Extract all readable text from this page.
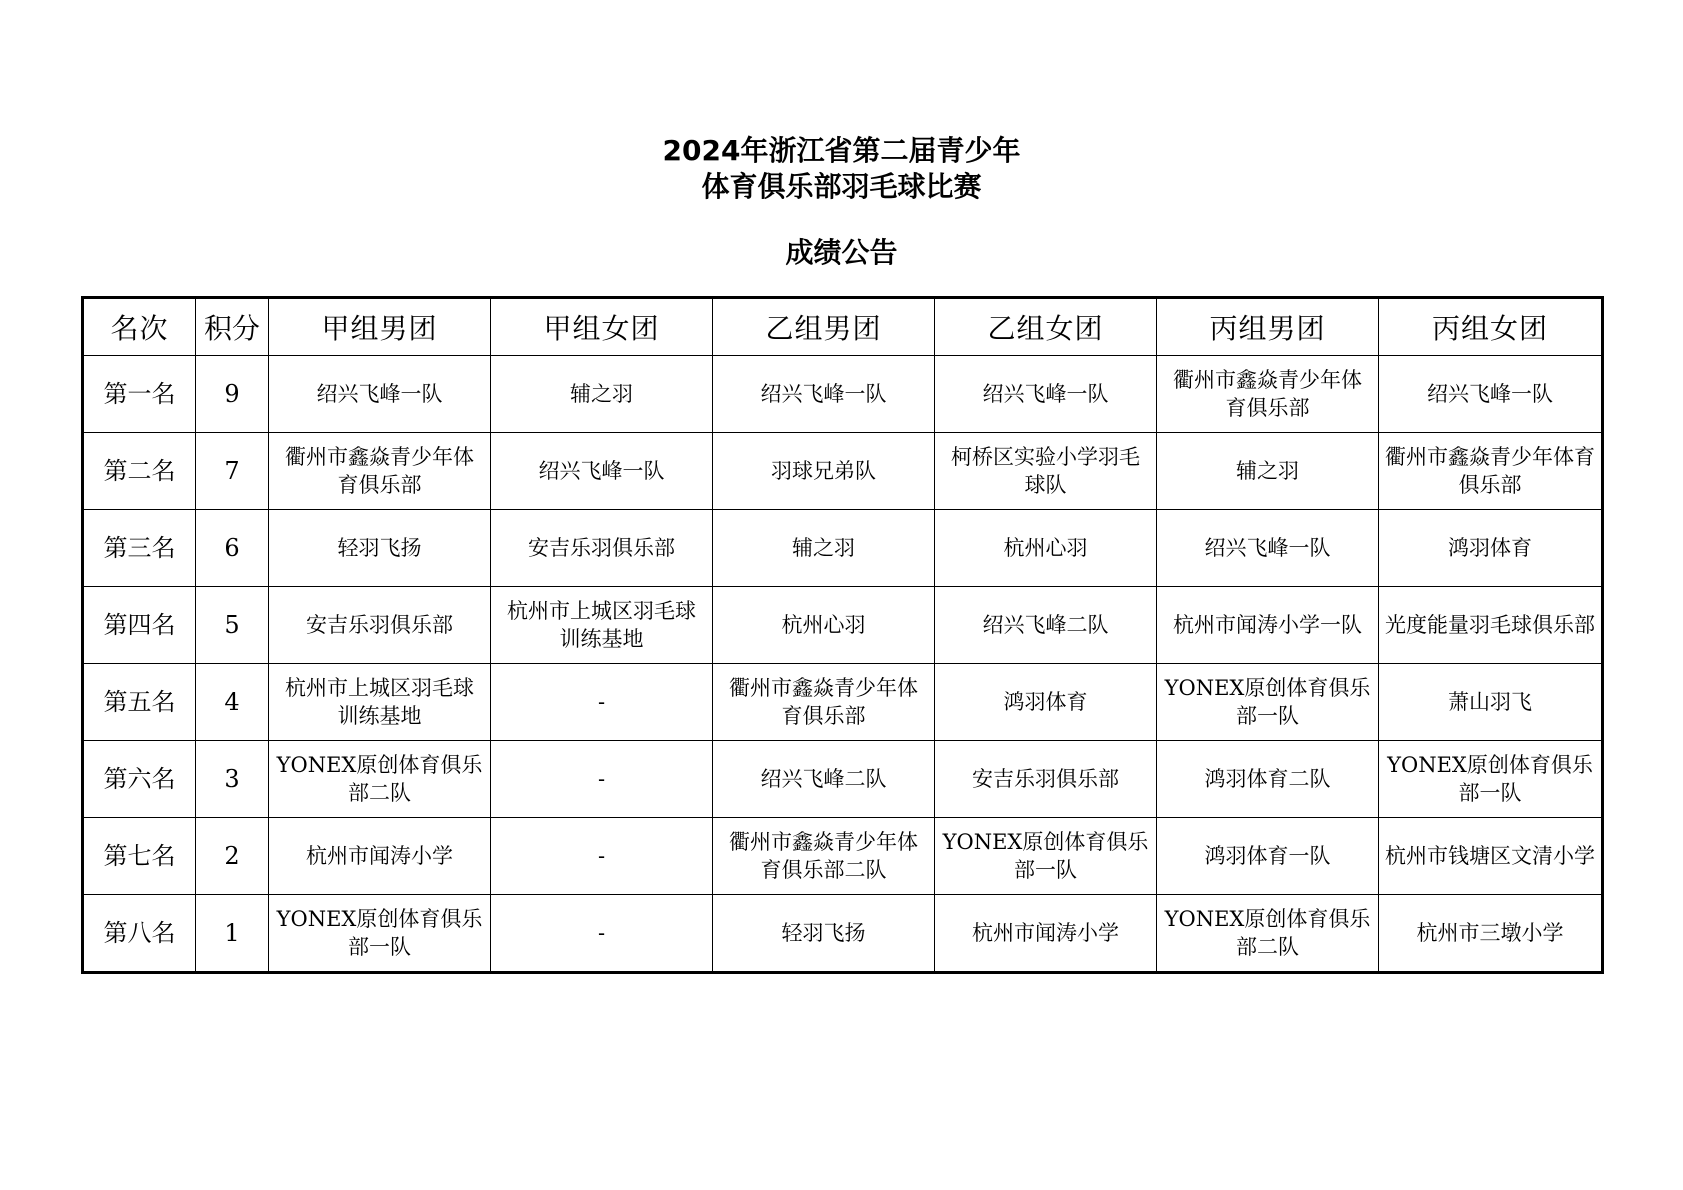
2024年浙江省第二届青少年
体育俱乐部羽毛球比赛
成绩公告
名次	积分	甲组男团	甲组女团	乙组男团	乙组女团	丙组男团	丙组女团
第一名	9	绍兴飞峰一队	辅之羽	绍兴飞峰一队	绍兴飞峰一队	衢州市鑫焱青少年体育俱乐部	绍兴飞峰一队
第二名	7	衢州市鑫焱青少年体育俱乐部	绍兴飞峰一队	羽球兄弟队	柯桥区实验小学羽毛球队	辅之羽	衢州市鑫焱青少年体育俱乐部
第三名	6	轻羽飞扬	安吉乐羽俱乐部	辅之羽	杭州心羽	绍兴飞峰一队	鸿羽体育
第四名	5	安吉乐羽俱乐部	杭州市上城区羽毛球训练基地	杭州心羽	绍兴飞峰二队	杭州市闻涛小学一队	光度能量羽毛球俱乐部
第五名	4	杭州市上城区羽毛球训练基地	-	衢州市鑫焱青少年体育俱乐部	鸿羽体育	YONEX原创体育俱乐部一队	萧山羽飞
第六名	3	YONEX原创体育俱乐部二队	-	绍兴飞峰二队	安吉乐羽俱乐部	鸿羽体育二队	YONEX原创体育俱乐部一队
第七名	2	杭州市闻涛小学	-	衢州市鑫焱青少年体育俱乐部二队	YONEX原创体育俱乐部一队	鸿羽体育一队	杭州市钱塘区文清小学
第八名	1	YONEX原创体育俱乐部一队	-	轻羽飞扬	杭州市闻涛小学	YONEX原创体育俱乐部二队	杭州市三墩小学
